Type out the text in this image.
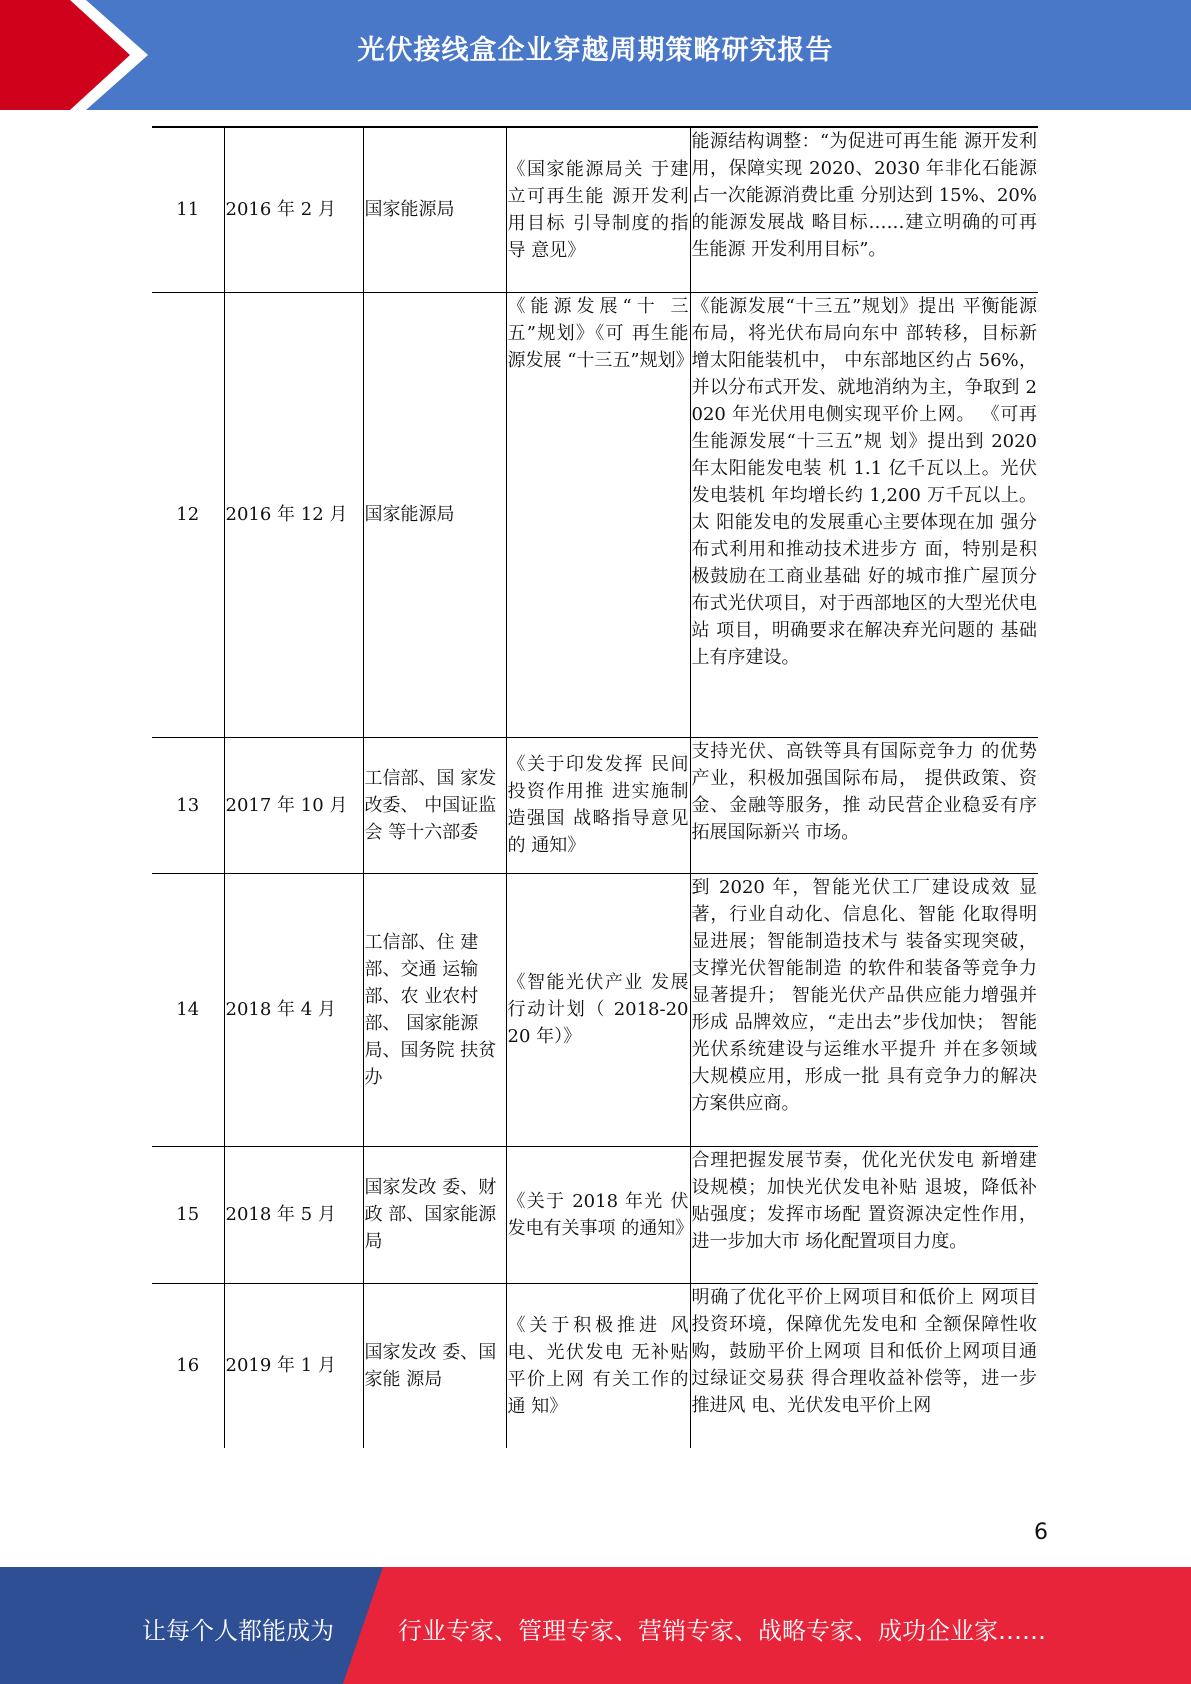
光伏接线盒企业穿越周期策略研究报告
11	2016 年 2 月	国家能源局	《国家能源局关 于建立可再生能 源开发利用目标 引导制度的指导 意见》	能源结构调整：“为促进可再生能 源开发利用，保障实现 2020、2030 年非化石能源占一次能源消费比重 分别达到 15%、20%的能源发展战 略目标……建立明确的可再生能源 开发利用目标”。
12	2016 年 12 月	国家能源局	《能源发展“十 三五”规划》《可 再生能源发展 “十三五”规划》	《能源发展“十三五”规划》提出 平衡能源布局，将光伏布局向东中 部转移，目标新增太阳能装机中， 中东部地区约占 56%，并以分布式开发、就地消纳为主，争取到 2020 年光伏用电侧实现平价上网。 《可再生能源发展“十三五”规 划》提出到 2020 年太阳能发电装 机 1.1 亿千瓦以上。光伏发电装机 年均增长约 1,200 万千瓦以上。太 阳能发电的发展重心主要体现在加 强分布式利用和推动技术进步方 面，特别是积极鼓励在工商业基础 好的城市推广屋顶分布式光伏项目，对于西部地区的大型光伏电站 项目，明确要求在解决弃光问题的 基础上有序建设。
13	2017 年 10 月	工信部、国 家发改委、 中国证监会 等十六部委	《关于印发发挥 民间投资作用推 进实施制造强国 战略指导意见的 通知》	支持光伏、高铁等具有国际竞争力 的优势产业，积极加强国际布局， 提供政策、资金、金融等服务，推 动民营企业稳妥有序拓展国际新兴 市场。
14	2018 年 4 月	工信部、住 建部、交通 运输部、农 业农村部、 国家能源局、国务院 扶贫办	《智能光伏产业 发展行动计划（ 2018-2020 年）》	到 2020 年，智能光伏工厂建设成效 显著，行业自动化、信息化、智能 化取得明显进展；智能制造技术与 装备实现突破，支撑光伏智能制造 的软件和装备等竞争力显著提升； 智能光伏产品供应能力增强并形成 品牌效应，“走出去”步伐加快； 智能光伏系统建设与运维水平提升 并在多领域大规模应用，形成一批 具有竞争力的解决方案供应商。
15	2018 年 5 月	国家发改 委、财政 部、国家能源局	《关于 2018 年光 伏发电有关事项 的通知》	合理把握发展节奏，优化光伏发电 新增建设规模；加快光伏发电补贴 退坡，降低补贴强度；发挥市场配 置资源决定性作用，进一步加大市 场化配置项目力度。
16	2019 年 1 月	国家发改 委、国家能 源局	《关于积极推进 风电、光伏发电 无补贴平价上网 有关工作的通 知》	明确了优化平价上网项目和低价上 网项目投资环境，保障优先发电和 全额保障性收购，鼓励平价上网项 目和低价上网项目通过绿证交易获 得合理收益补偿等，进一步推进风 电、光伏发电平价上网
6
让每个人都能成为	行业专家、管理专家、营销专家、战略专家、成功企业家……
